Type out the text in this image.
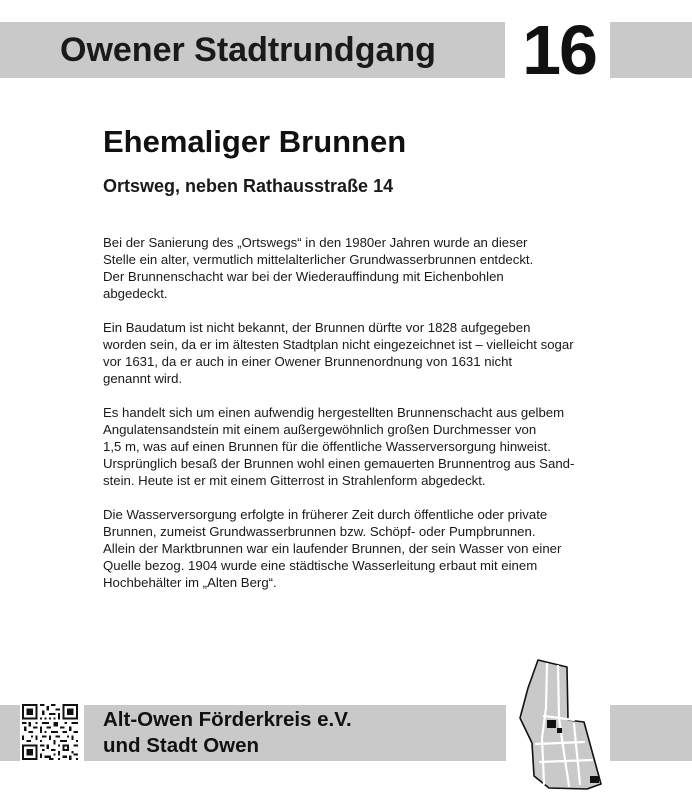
Owener Stadtrundgang 16
Ehemaliger Brunnen
Ortsweg, neben Rathausstraße 14

Bei der Sanierung des „Ortswegs“ in den 1980er Jahren wurde an dieser
Stelle ein alter, vermutlich mittelalterlicher Grundwasserbrunnen entdeckt.
Der Brunnenschacht war bei der Wiederauffindung mit Eichenbohlen
abgedeckt.

Ein Baudatum ist nicht bekannt, der Brunnen dürfte vor 1828 aufgegeben
worden sein, da er im ältesten Stadtplan nicht eingezeichnet ist – vielleicht sogar
vor 1631, da er auch in einer Owener Brunnenordnung von 1631 nicht
genannt wird.

Es handelt sich um einen aufwendig hergestellten Brunnenschacht aus gelbem
Angulatensandstein mit einem außergewöhnlich großen Durchmesser von
1,5 m, was auf einen Brunnen für die öffentliche Wasserversorgung hinweist.
Ursprünglich besaß der Brunnen wohl einen gemauerten Brunnentrog aus Sand-
stein. Heute ist er mit einem Gitterrost in Strahlenform abgedeckt.

Die Wasserversorgung erfolgte in früherer Zeit durch öffentliche oder private
Brunnen, zumeist Grundwasserbrunnen bzw. Schöpf- oder Pumpbrunnen.
Allein der Marktbrunnen war ein laufender Brunnen, der sein Wasser von einer
Quelle bezog. 1904 wurde eine städtische Wasserleitung erbaut mit einem
Hochbehälter im „Alten Berg“.

Alt-Owen Förderkreis e.V.
und Stadt Owen
